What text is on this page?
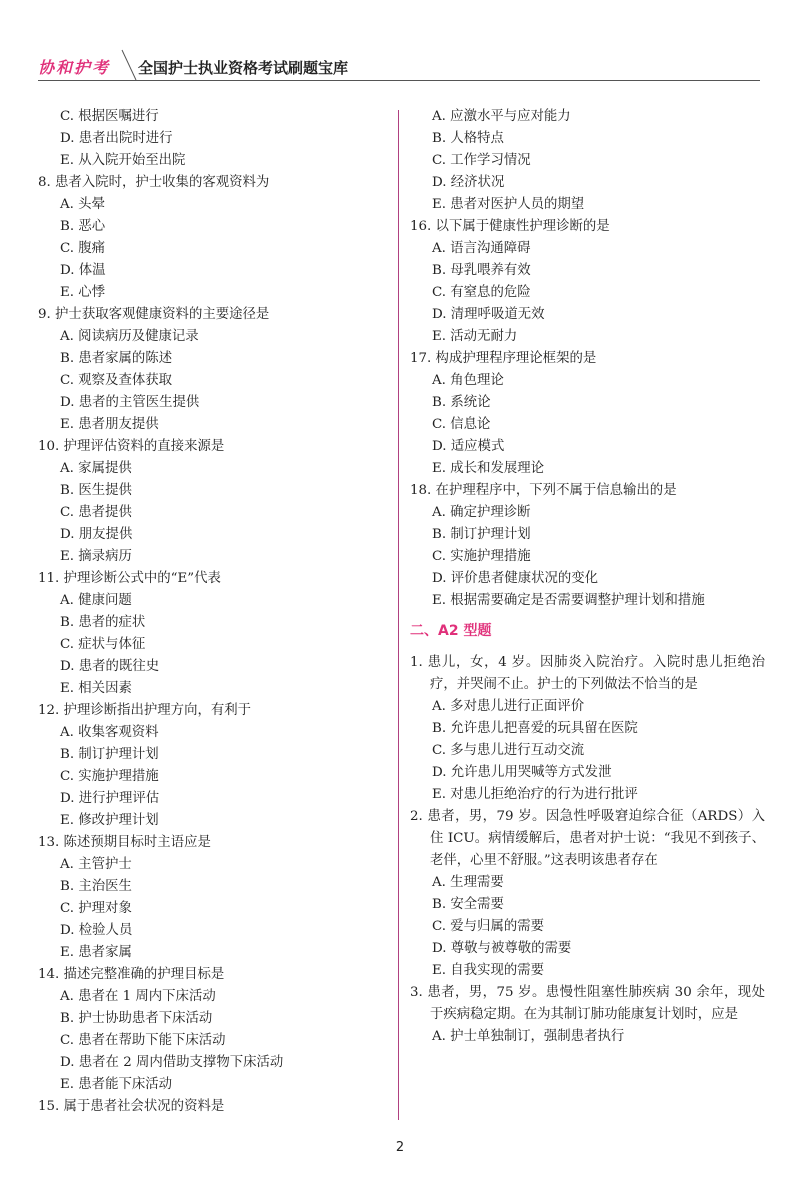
协和护考 全国护士执业资格考试刷题宝库
C. 根据医嘱进行
D. 患者出院时进行
E. 从入院开始至出院
8. 患者入院时，护士收集的客观资料为
A. 头晕
B. 恶心
C. 腹痛
D. 体温
E. 心悸
9. 护士获取客观健康资料的主要途径是
A. 阅读病历及健康记录
B. 患者家属的陈述
C. 观察及查体获取
D. 患者的主管医生提供
E. 患者朋友提供
10. 护理评估资料的直接来源是
A. 家属提供
B. 医生提供
C. 患者提供
D. 朋友提供
E. 摘录病历
11. 护理诊断公式中的“E”代表
A. 健康问题
B. 患者的症状
C. 症状与体征
D. 患者的既往史
E. 相关因素
12. 护理诊断指出护理方向，有利于
A. 收集客观资料
B. 制订护理计划
C. 实施护理措施
D. 进行护理评估
E. 修改护理计划
13. 陈述预期目标时主语应是
A. 主管护士
B. 主治医生
C. 护理对象
D. 检验人员
E. 患者家属
14. 描述完整准确的护理目标是
A. 患者在 1 周内下床活动
B. 护士协助患者下床活动
C. 患者在帮助下能下床活动
D. 患者在 2 周内借助支撑物下床活动
E. 患者能下床活动
15. 属于患者社会状况的资料是
A. 应激水平与应对能力
B. 人格特点
C. 工作学习情况
D. 经济状况
E. 患者对医护人员的期望
16. 以下属于健康性护理诊断的是
A. 语言沟通障碍
B. 母乳喂养有效
C. 有窒息的危险
D. 清理呼吸道无效
E. 活动无耐力
17. 构成护理程序理论框架的是
A. 角色理论
B. 系统论
C. 信息论
D. 适应模式
E. 成长和发展理论
18. 在护理程序中，下列不属于信息输出的是
A. 确定护理诊断
B. 制订护理计划
C. 实施护理措施
D. 评价患者健康状况的变化
E. 根据需要确定是否需要调整护理计划和措施
二、A2 型题
1. 患儿，女，4 岁。因肺炎入院治疗。入院时患儿拒绝治疗，并哭闹不止。护士的下列做法不恰当的是
A. 多对患儿进行正面评价
B. 允许患儿把喜爱的玩具留在医院
C. 多与患儿进行互动交流
D. 允许患儿用哭喊等方式发泄
E. 对患儿拒绝治疗的行为进行批评
2. 患者，男，79 岁。因急性呼吸窘迫综合征（ARDS）入住 ICU。病情缓解后，患者对护士说：“我见不到孩子、老伴，心里不舒服。”这表明该患者存在
A. 生理需要
B. 安全需要
C. 爱与归属的需要
D. 尊敬与被尊敬的需要
E. 自我实现的需要
3. 患者，男，75 岁。患慢性阻塞性肺疾病 30 余年，现处于疾病稳定期。在为其制订肺功能康复计划时，应是
A. 护士单独制订，强制患者执行
2
